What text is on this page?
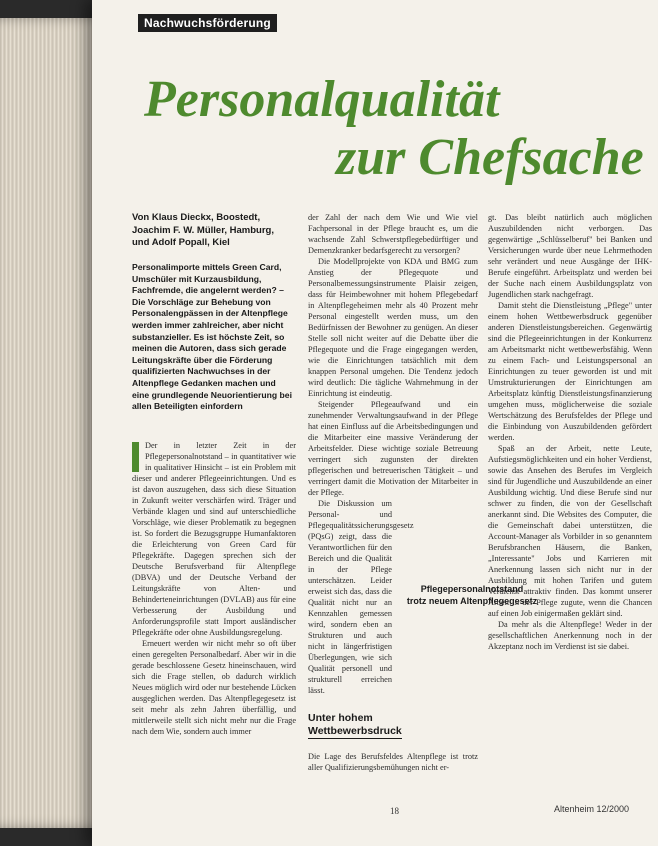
Nachwuchsförderung
Personalqualität
zur Chefsache
Von Klaus Dieckx, Boostedt,
Joachim F. W. Müller, Hamburg,
und Adolf Popall, Kiel
Personalimporte mittels Green Card, Umschüler mit Kurzausbildung, Fachfremde, die angelernt werden? – Die Vorschläge zur Behebung von Personalengpässen in der Altenpflege werden immer zahlreicher, aber nicht substanzieller. Es ist höchste Zeit, so meinen die Autoren, dass sich gerade Leitungskräfte über die Förderung qualifizierten Nachwuchses in der Altenpflege Gedanken machen und eine grundlegende Neuorientierung bei allen Beteiligten einfordern

Der in letzter Zeit in der Pflegepersonalnotstand – in quantitativer wie in qualitativer Hinsicht – ist ein Problem mit dieser und anderer Pflegeeinrichtungen. Und es ist davon auszugehen, dass sich diese Situation in Zukunft weiter verschärfen wird. Träger und Verbände klagen und sind auf unterschiedliche Vorschläge, wie dieser Problematik zu begegnen ist. So fordert die Bezugsgruppe Humanfaktoren die Erleichterung von Green Card für Pflegekräfte. Dagegen sprechen sich der Deutsche Berufsverband für Altenpflege (DBVA) und der Deutsche Verband der Leitungskräfte von Alten- und Behinderteneinrichtungen (DVLAB) aus für eine Verbesserung der Ausbildung und Anforderungsprofile statt Import ausländischer Pflegekräfte oder ohne Ausbildungsregelung.

Erneuert werden wir nicht mehr so oft über einen geregelten Personalbedarf. Aber wir in die gerade beschlossene Gesetz hineinschauen, wird sich die Frage stellen, ob dadurch wirklich Neues möglich wird oder nur bestehende Lücken ausgeglichen werden. Das Altenpflegegesetz ist seit mehr als zehn Jahren überfällig, und mittlerweile stellt sich nicht mehr nur die Frage nach dem Wie, sondern auch immer

der Zahl der nach dem Wie und Wie viel Fachpersonal in der Pflege braucht es, um die wachsende Zahl Schwerstpflegebedürftiger und Demenzkranker bedarfsgerecht zu versorgen?

Die Modellprojekte von KDA und BMG zum Anstieg der Pflegequote und Personalbemessungsinstrumente Plaisir zeigen, dass für Heimbewohner mit hohem Pflegebedarf in Altenpflegeheimen mehr als 40 Prozent mehr Personal eingestellt werden muss, um den Bedürfnissen der Bewohner zu genügen. An dieser Stelle soll nicht weiter auf die Debatte über die Pflegequote und die Frage eingegangen werden, wie die Einrichtungen tatsächlich mit dem knappen Personal umgehen. Die Tendenz jedoch wird deutlich: Die tägliche Wahrnehmung in der Einrichtung ist eindeutig.

Steigender Pflegeaufwand und ein zunehmender Verwaltungsaufwand in der Pflege hat einen Einfluss auf die Arbeitsbedingungen und die Mitarbeiter eine massive Veränderung der Arbeitsfelder. Diese wichtige soziale Betreuung verringert sich zugunsten der direkten pflegerischen und betreuerischen Tätigkeit – und verringert damit die Motivation der Mitarbeiter in der Pflege.

Die Diskussion um Personal- und Pflegequalitätssicherungsgesetz (PQsG) zeigt, dass die Verantwortlichen für den Bereich und die Qualität in der Pflege unterschätzen. Leider erweist sich das, dass die Qualität nicht nur an Kennzahlen gemessen wird, sondern eben an Strukturen und auch nicht in längerfristigen Überlegungen, wie sich Qualität personell und strukturell erreichen lässt.

Pflegepersonalnotstand
trotz neuem Altenpflegegesetz
Unter hohem
Wettbewerbsdruck

Die Lage des Berufsfeldes Altenpflege ist trotz aller Qualifizierungsbemühungen nicht er-

gt. Das bleibt natürlich auch möglichen Auszubildenden nicht verborgen. Das gegenwärtige „Schlüsselberuf" bei Banken und Versicherungen wurde über neue Lehrmethoden sehr verändert und neue Ausgänge der IHK-Berufe eingeführt. Arbeitsplatz und werden bei der Suche nach einem Ausbildungsplatz von Jugendlichen stark nachgefragt.

Damit steht die Dienstleistung „Pflege" unter einem hohen Wettbewerbsdruck gegenüber anderen Dienstleistungsbereichen. Gegenwärtig sind die Pflegeeinrichtungen in der Konkurrenz am Arbeitsmarkt nicht wettbewerbsfähig. Wenn zu einem Fach- und Leistungspersonal an Einrichtungen zu teuer geworden ist und mit Umstrukturierungen der Einrichtungen am Arbeitsplatz künftig Dienstleistungsfinanzierung umgehen muss, möglicherweise die soziale Wertschätzung des Berufsfeldes der Pflege und die Einbindung von Auszubildenden gefördert werden.

Spaß an der Arbeit, nette Leute, Aufstiegsmöglichkeiten und ein hoher Verdienst, sowie das Ansehen des Berufes im Vergleich sind für Jugendliche und Auszubildende an einer Ausbildung wichtig. Und diese Berufe sind nur schwer zu finden, die von der Gesellschaft anerkannt sind. Die Websites des Computer, die die Gemeinschaft dabei unterstützen, die Account-Manager als Vorbilder in so genanntem Berufsbranchen Häusern, die Banken, „Interessante" Jobs und Karrieren mit Anerkennung lassen sich nicht nur in der Ausbildung mit hohen Tarifen und gutem Verdienst attraktiv finden. Das kommt unserer Arbeit in der Pflege zugute, wenn die Chancen auf einen Job einigermaßen geklärt sind.

Da mehr als die Altenpflege! Weder in der gesellschaftlichen Anerkennung noch in der Akzeptanz noch im Verdienst ist sie dabei.

18	Altenheim 12/2000
